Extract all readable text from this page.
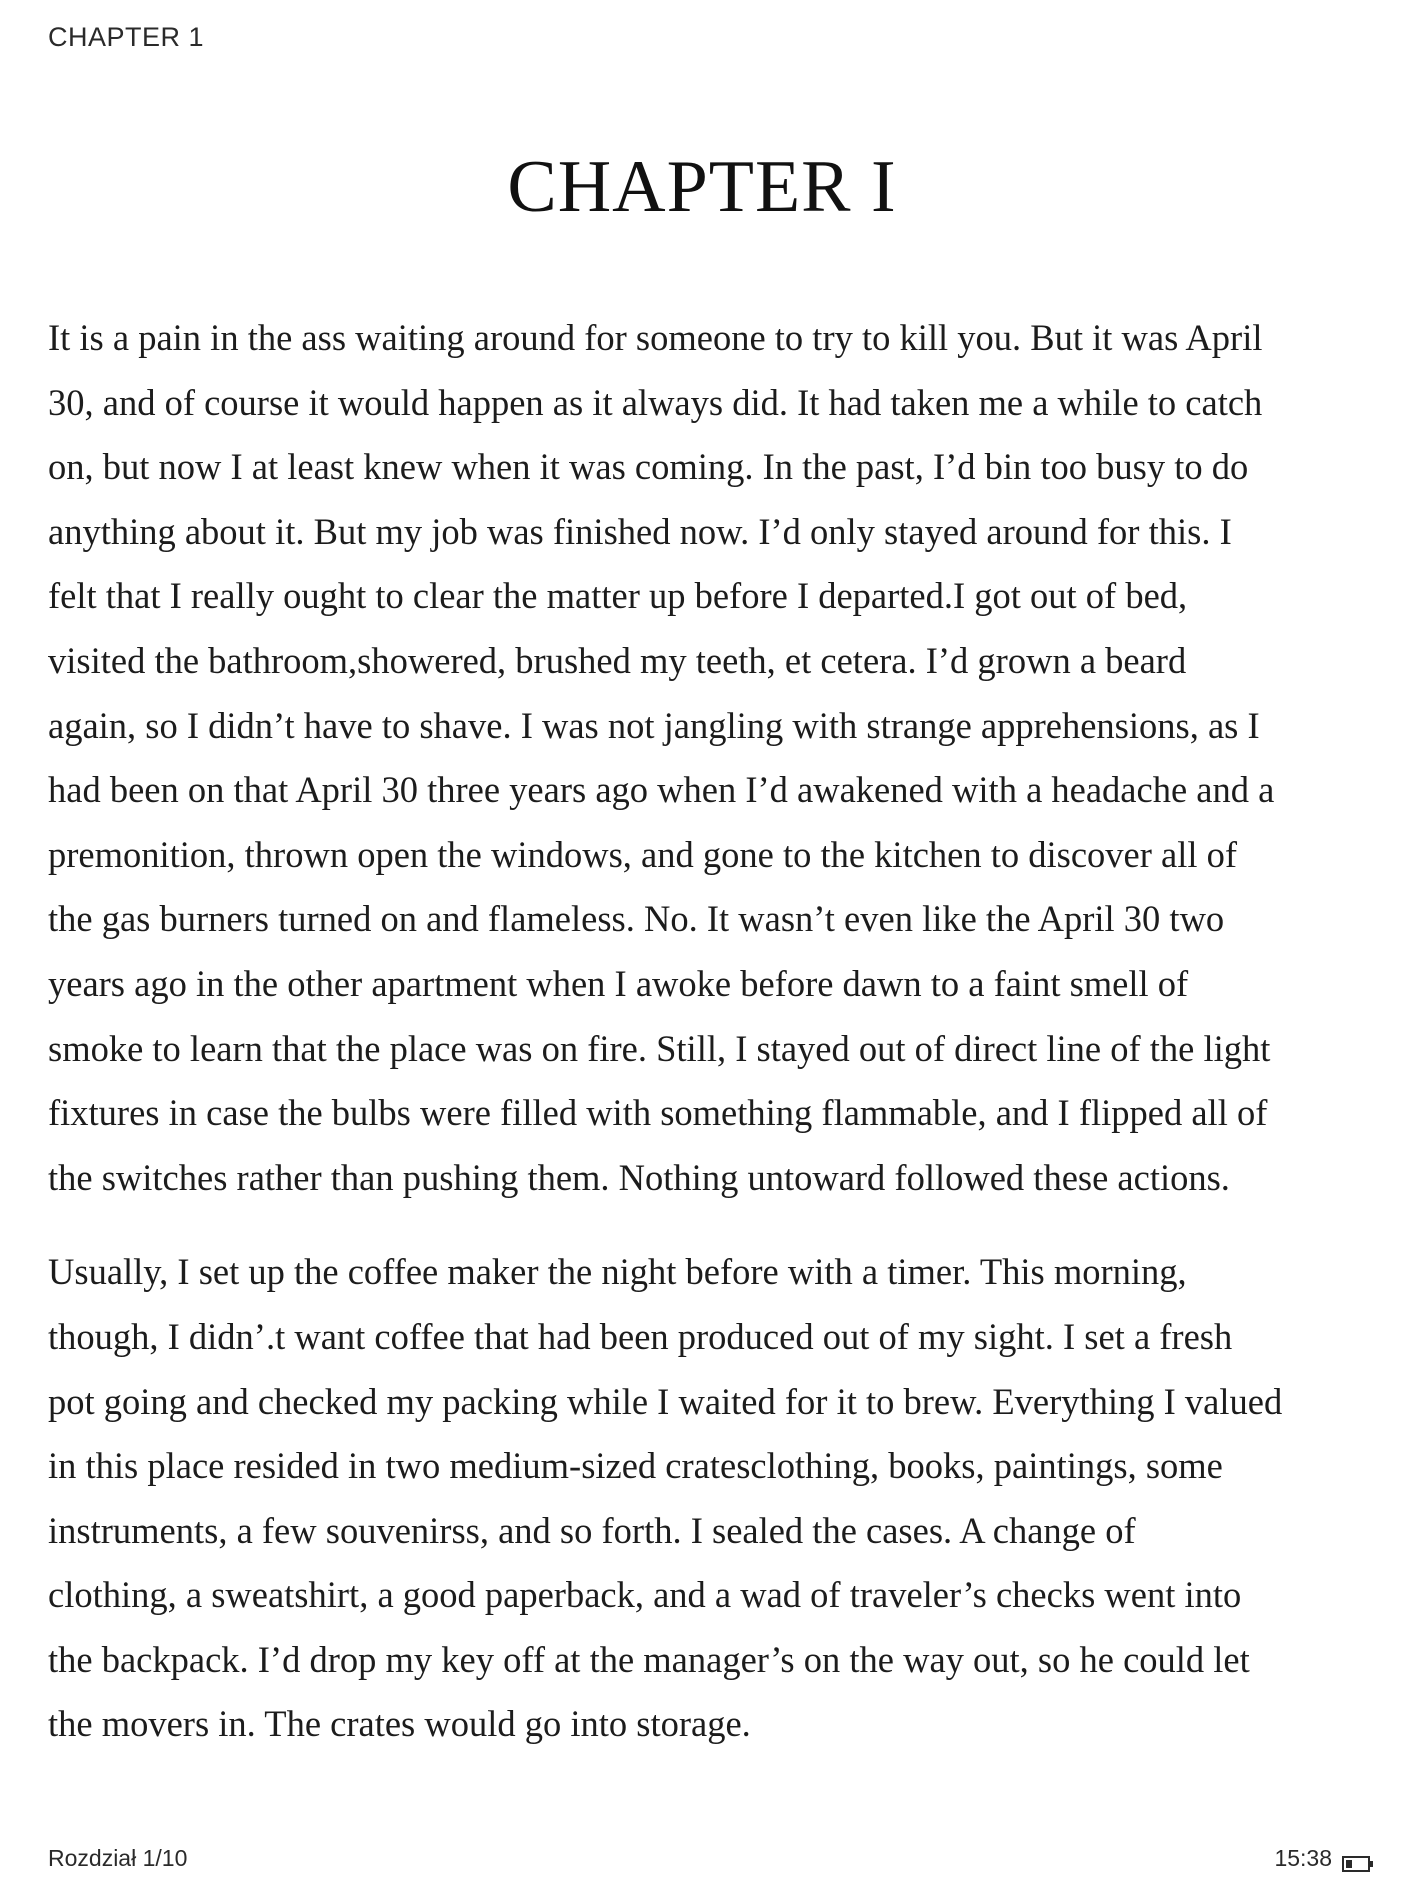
CHAPTER 1
CHAPTER I

It is a pain in the ass waiting around for someone to try to kill you. But it was April
30, and of course it would happen as it always did. It had taken me a while to catch
on, but now I at least knew when it was coming. In the past, I’d bin too busy to do
anything about it. But my job was finished now. I’d only stayed around for this. I
felt that I really ought to clear the matter up before I departed.I got out of bed,
visited the bathroom,showered, brushed my teeth, et cetera. I’d grown a beard
again, so I didn’t have to shave. I was not jangling with strange apprehensions, as I
had been on that April 30 three years ago when I’d awakened with a headache and a
premonition, thrown open the windows, and gone to the kitchen to discover all of
the gas burners turned on and flameless. No. It wasn’t even like the April 30 two
years ago in the other apartment when I awoke before dawn to a faint smell of
smoke to learn that the place was on fire. Still, I stayed out of direct line of the light
fixtures in case the bulbs were filled with something flammable, and I flipped all of
the switches rather than pushing them. Nothing untoward followed these actions.

Usually, I set up the coffee maker the night before with a timer. This morning,
though, I didn’.t want coffee that had been produced out of my sight. I set a fresh
pot going and checked my packing while I waited for it to brew. Everything I valued
in this place resided in two medium-sized cratesclothing, books, paintings, some
instruments, a few souvenirss, and so forth. I sealed the cases. A change of
clothing, a sweatshirt, a good paperback, and a wad of traveler’s checks went into
the backpack. I’d drop my key off at the manager’s on the way out, so he could let
the movers in. The crates would go into storage.

Rozdział 1/10	15:38
